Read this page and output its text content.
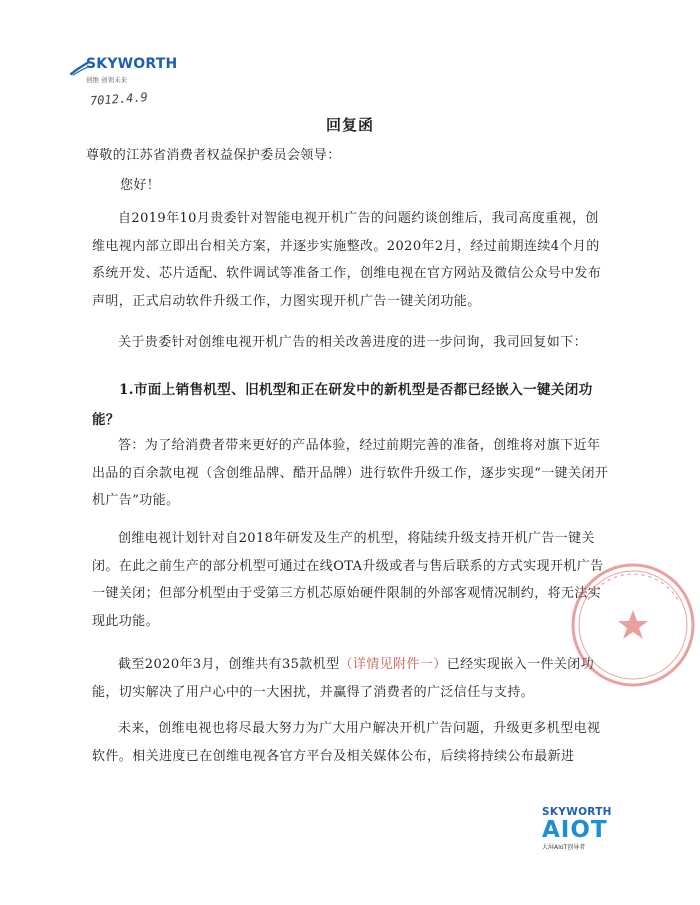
SKYWORTH
创维 创领未来
7012.4.9
回复函
尊敬的江苏省消费者权益保护委员会领导：
您好！
自2019年10月贵委针对智能电视开机广告的问题约谈创维后，我司高度重视，创维电视内部立即出台相关方案，并逐步实施整改。2020年2月，经过前期连续4个月的系统开发、芯片适配、软件调试等准备工作，创维电视在官方网站及微信公众号中发布声明，正式启动软件升级工作，力图实现开机广告一键关闭功能。
关于贵委针对创维电视开机广告的相关改善进度的进一步问询，我司回复如下：
1.市面上销售机型、旧机型和正在研发中的新机型是否都已经嵌入一键关闭功能？
答：为了给消费者带来更好的产品体验，经过前期完善的准备，创维将对旗下近年出品的百余款电视（含创维品牌、酷开品牌）进行软件升级工作，逐步实现“一键关闭开机广告”功能。
创维电视计划针对自2018年研发及生产的机型，将陆续升级支持开机广告一键关闭。在此之前生产的部分机型可通过在线OTA升级或者与售后联系的方式实现开机广告一键关闭；但部分机型由于受第三方机芯原始硬件限制的外部客观情况制约，将无法实现此功能。
截至2020年3月，创维共有35款机型（详情见附件一）已经实现嵌入一件关闭功能，切实解决了用户心中的一大困扰，并赢得了消费者的广泛信任与支持。
未来，创维电视也将尽最大努力为广大用户解决开机广告问题，升级更多机型电视软件。相关进度已在创维电视各官方平台及相关媒体公布，后续将持续公布最新进
SKYWORTH
AIOT
大屏AIoT创导者
